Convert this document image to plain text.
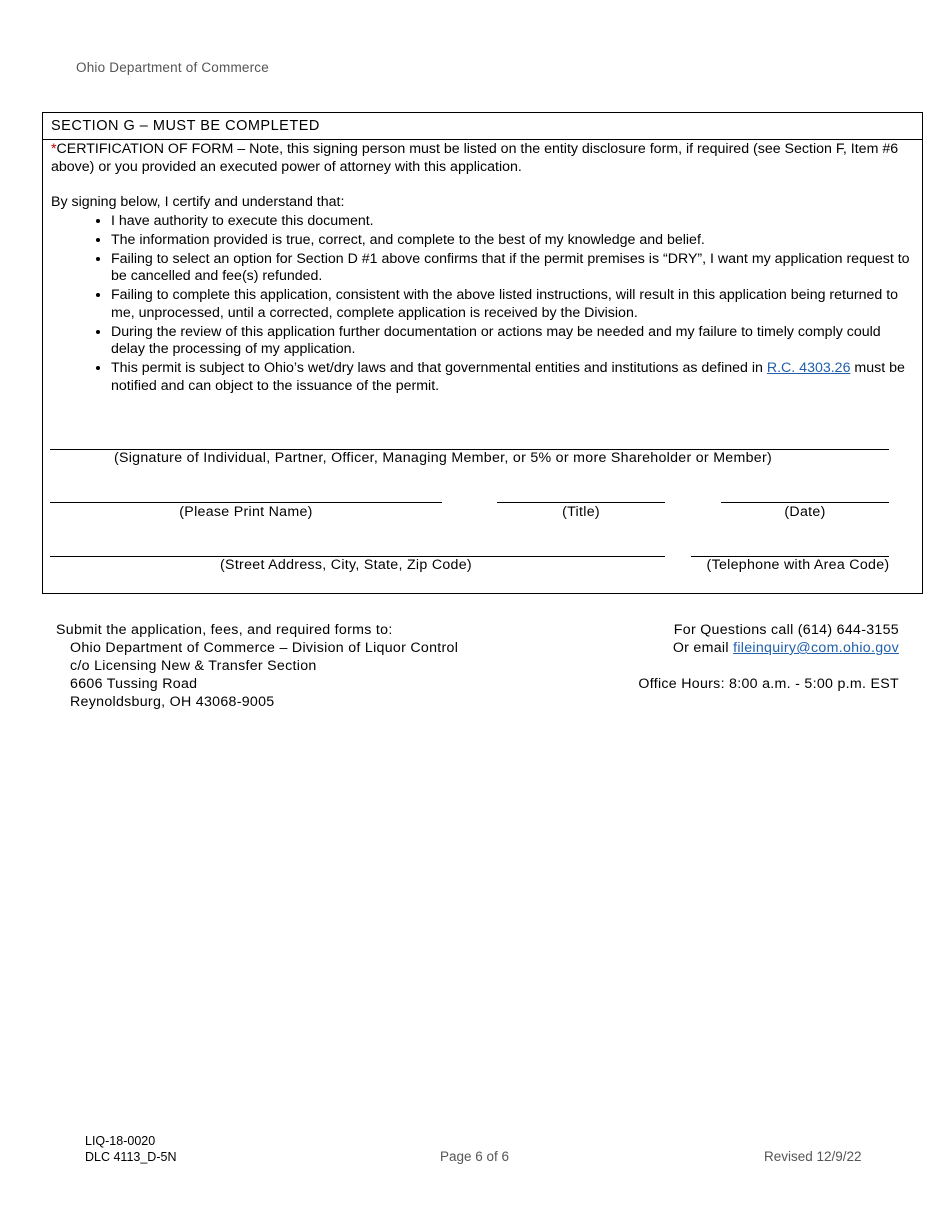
Ohio Department of Commerce
SECTION G – MUST BE COMPLETED

*CERTIFICATION OF FORM – Note, this signing person must be listed on the entity disclosure form, if required (see Section F, Item #6 above) or you provided an executed power of attorney with this application.

By signing below, I certify and understand that:

• I have authority to execute this document.
• The information provided is true, correct, and complete to the best of my knowledge and belief.
• Failing to select an option for Section D #1 above confirms that if the permit premises is “DRY”, I want my application request to be cancelled and fee(s) refunded.
• Failing to complete this application, consistent with the above listed instructions, will result in this application being returned to me, unprocessed, until a corrected, complete application is received by the Division.
• During the review of this application further documentation or actions may be needed and my failure to timely comply could delay the processing of my application.
• This permit is subject to Ohio’s wet/dry laws and that governmental entities and institutions as defined in R.C. 4303.26 must be notified and can object to the issuance of the permit.
(Signature of Individual, Partner, Officer, Managing Member, or 5% or more Shareholder or Member)
(Please Print Name)	(Title)	(Date)
(Street Address, City, State, Zip Code)	(Telephone with Area Code)
Submit the application, fees, and required forms to:
Ohio Department of Commerce – Division of Liquor Control
c/o Licensing New & Transfer Section
6606 Tussing Road
Reynoldsburg, OH 43068-9005
For Questions call (614) 644-3155
Or email fileinquiry@com.ohio.gov
Office Hours: 8:00 a.m. - 5:00 p.m. EST
LIQ-18-0020
DLC 4113_D-5N	Page 6 of 6	Revised 12/9/22
